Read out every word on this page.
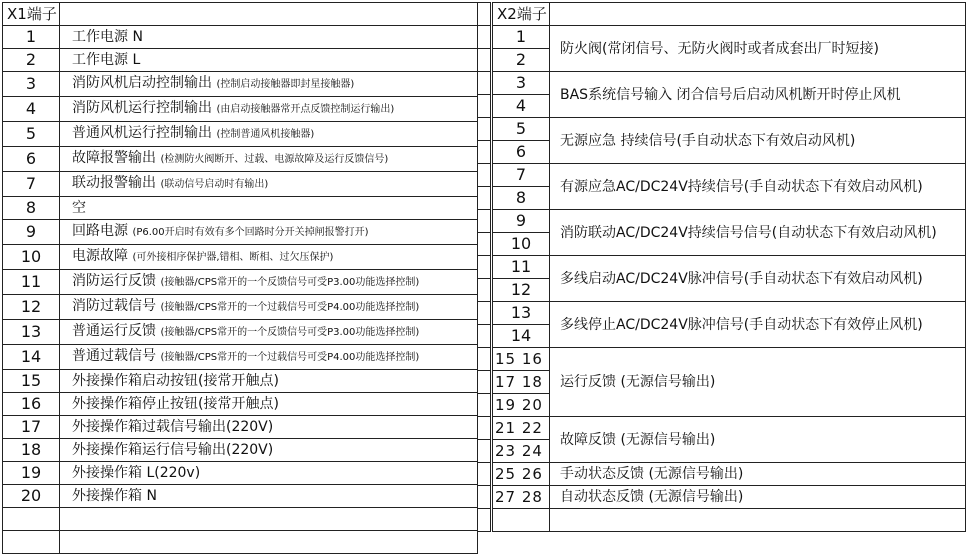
X1端子	
1	工作电源 N
2	工作电源 L
3	消防风机启动控制输出 (控制启动接触器即封星接触器)
4	消防风机运行控制输出 (由启动接触器常开点反馈控制运行输出)
5	普通风机运行控制输出 (控制普通风机接触器)
6	故障报警输出 (检测防火阀断开、过载、电源故障及运行反馈信号)
7	联动报警输出 (联动信号启动时有输出)
8	空
9	回路电源 (P6.00开启时有效有多个回路时分开关掉闸报警打开)
10	电源故障 (可外接相序保护器,错相、断相、过欠压保护)
11	消防运行反馈 (接触器/CPS常开的一个反馈信号可受P3.00功能选择控制)
12	消防过载信号 (接触器/CPS常开的一个过载信号可受P4.00功能选择控制)
13	普通运行反馈 (接触器/CPS常开的一个反馈信号可受P3.00功能选择控制)
14	普通过载信号 (接触器/CPS常开的一个过载信号可受P4.00功能选择控制)
15	外接操作箱启动按钮(接常开触点)
16	外接操作箱停止按钮(接常开触点)
17	外接操作箱过载信号输出(220V)
18	外接操作箱运行信号输出(220V)
19	外接操作箱 L(220v)
20	外接操作箱 N

X2端子	
1	防火阀(常闭信号、无防火阀时或者成套出厂时短接)
2	
3	BAS系统信号输入 闭合信号后启动风机断开时停止风机
4	
5	无源应急 持续信号(手自动状态下有效启动风机)
6	
7	有源应急AC/DC24V持续信号(手自动状态下有效启动风机)
8	
9	消防联动AC/DC24V持续信号信号(自动状态下有效启动风机)
10	
11	多线启动AC/DC24V脉冲信号(手自动状态下有效启动风机)
12	
13	多线停止AC/DC24V脉冲信号(手自动状态下有效停止风机)
14	
15 16	运行反馈 (无源信号输出)
17 18	
19 20	
21 22	故障反馈 (无源信号输出)
23 24	
25 26	手动状态反馈 (无源信号输出)
27 28	自动状态反馈 (无源信号输出)
